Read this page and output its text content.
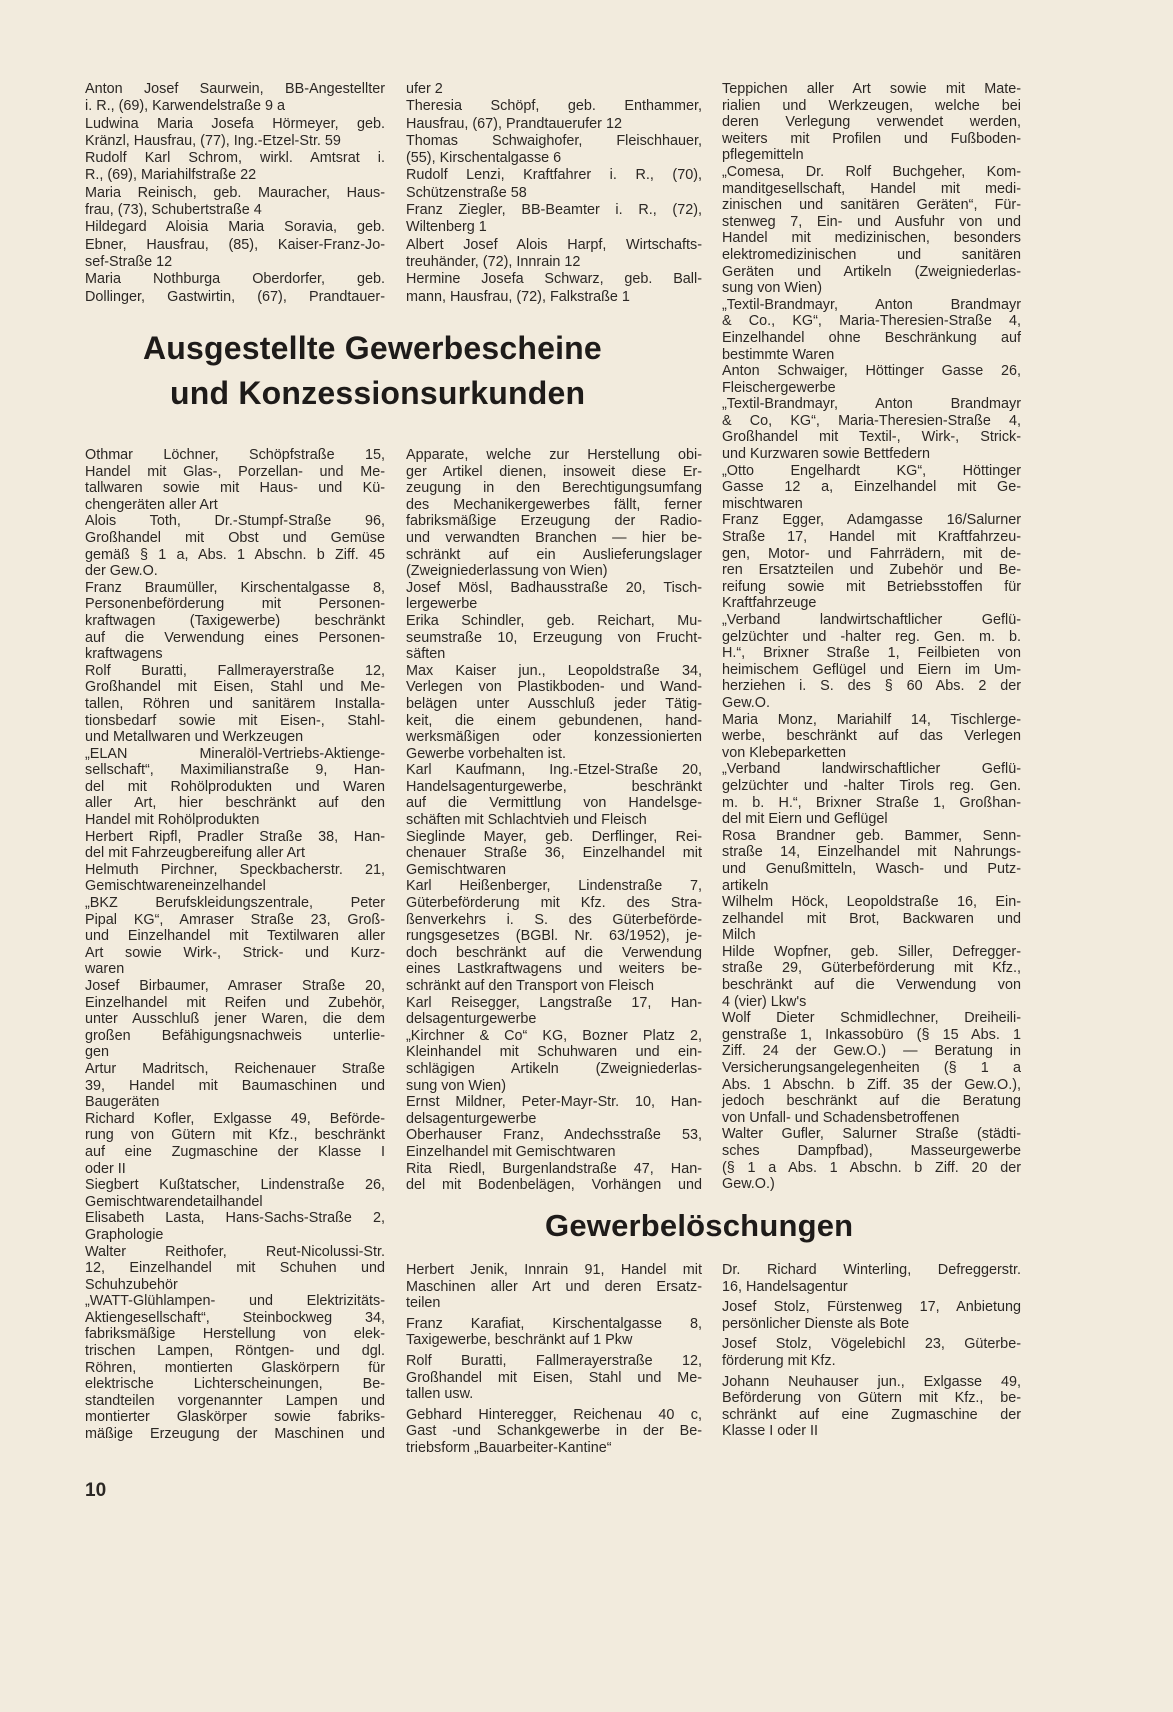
Anton Josef Saurwein, BB-Angestellter
i. R., (69), Karwendelstraße 9 a
Ludwina Maria Josefa Hörmeyer, geb.
Kränzl, Hausfrau, (77), Ing.-Etzel-Str. 59
Rudolf Karl Schrom, wirkl. Amtsrat i.
R., (69), Mariahilfstraße 22
Maria Reinisch, geb. Mauracher, Haus-
frau, (73), Schubertstraße 4
Hildegard Aloisia Maria Soravia, geb.
Ebner, Hausfrau, (85), Kaiser-Franz-Jo-
sef-Straße 12
Maria Nothburga Oberdorfer, geb.
Dollinger, Gastwirtin, (67), Prandtauer-
ufer 2
Theresia Schöpf, geb. Enthammer,
Hausfrau, (67), Prandtauerufer 12
Thomas Schwaighofer, Fleischhauer,
(55), Kirschentalgasse 6
Rudolf Lenzi, Kraftfahrer i. R., (70),
Schützenstraße 58
Franz Ziegler, BB-Beamter i. R., (72),
Wiltenberg 1
Albert Josef Alois Harpf, Wirtschafts-
treuhänder, (72), Innrain 12
Hermine Josefa Schwarz, geb. Ball-
mann, Hausfrau, (72), Falkstraße 1
Ausgestellte Gewerbescheine
und Konzessionsurkunden
Othmar Löchner, Schöpfstraße 15,
Handel mit Glas-, Porzellan- und Me-
tallwaren sowie mit Haus- und Kü-
chengeräten aller Art
Alois Toth, Dr.-Stumpf-Straße 96,
Großhandel mit Obst und Gemüse
gemäß § 1 a, Abs. 1 Abschn. b Ziff. 45
der Gew.O.
Franz Braumüller, Kirschentalgasse 8,
Personenbeförderung mit Personen-
kraftwagen (Taxigewerbe) beschränkt
auf die Verwendung eines Personen-
kraftwagens
Rolf Buratti, Fallmerayerstraße 12,
Großhandel mit Eisen, Stahl und Me-
tallen, Röhren und sanitärem Installa-
tionsbedarf sowie mit Eisen-, Stahl-
und Metallwaren und Werkzeugen
„ELAN Mineralöl-Vertriebs-Aktienge-
sellschaft“, Maximilianstraße 9, Han-
del mit Rohölprodukten und Waren
aller Art, hier beschränkt auf den
Handel mit Rohölprodukten
Herbert Ripfl, Pradler Straße 38, Han-
del mit Fahrzeugbereifung aller Art
Helmuth Pirchner, Speckbacherstr. 21,
Gemischtwareneinzelhandel
„BKZ Berufskleidungszentrale, Peter
Pipal KG“, Amraser Straße 23, Groß-
und Einzelhandel mit Textilwaren aller
Art sowie Wirk-, Strick- und Kurz-
waren
Josef Birbaumer, Amraser Straße 20,
Einzelhandel mit Reifen und Zubehör,
unter Ausschluß jener Waren, die dem
großen Befähigungsnachweis unterlie-
gen
Artur Madritsch, Reichenauer Straße
39, Handel mit Baumaschinen und
Baugeräten
Richard Kofler, Exlgasse 49, Beförde-
rung von Gütern mit Kfz., beschränkt
auf eine Zugmaschine der Klasse I
oder II
Siegbert Kußtatscher, Lindenstraße 26,
Gemischtwarendetailhandel
Elisabeth Lasta, Hans-Sachs-Straße 2,
Graphologie
Walter Reithofer, Reut-Nicolussi-Str.
12, Einzelhandel mit Schuhen und
Schuhzubehör
„WATT-Glühlampen- und Elektrizitäts-
Aktiengesellschaft“, Steinbockweg 34,
fabriksmäßige Herstellung von elek-
trischen Lampen, Röntgen- und dgl.
Röhren, montierten Glaskörpern für
elektrische Lichterscheinungen, Be-
standteilen vorgenannter Lampen und
montierter Glaskörper sowie fabriks-
mäßige Erzeugung der Maschinen und
Apparate, welche zur Herstellung obi-
ger Artikel dienen, insoweit diese Er-
zeugung in den Berechtigungsumfang
des Mechanikergewerbes fällt, ferner
fabriksmäßige Erzeugung der Radio-
und verwandten Branchen — hier be-
schränkt auf ein Auslieferungslager
(Zweigniederlassung von Wien)
Josef Mösl, Badhausstraße 20, Tisch-
lergewerbe
Erika Schindler, geb. Reichart, Mu-
seumstraße 10, Erzeugung von Frucht-
säften
Max Kaiser jun., Leopoldstraße 34,
Verlegen von Plastikboden- und Wand-
belägen unter Ausschluß jeder Tätig-
keit, die einem gebundenen, hand-
werksmäßigen oder konzessionierten
Gewerbe vorbehalten ist.
Karl Kaufmann, Ing.-Etzel-Straße 20,
Handelsagenturgewerbe, beschränkt
auf die Vermittlung von Handelsge-
schäften mit Schlachtvieh und Fleisch
Sieglinde Mayer, geb. Derflinger, Rei-
chenauer Straße 36, Einzelhandel mit
Gemischtwaren
Karl Heißenberger, Lindenstraße 7,
Güterbeförderung mit Kfz. des Stra-
ßenverkehrs i. S. des Güterbeförde-
rungsgesetzes (BGBl. Nr. 63/1952), je-
doch beschränkt auf die Verwendung
eines Lastkraftwagens und weiters be-
schränkt auf den Transport von Fleisch
Karl Reisegger, Langstraße 17, Han-
delsagenturgewerbe
„Kirchner & Co“ KG, Bozner Platz 2,
Kleinhandel mit Schuhwaren und ein-
schlägigen Artikeln (Zweigniederlas-
sung von Wien)
Ernst Mildner, Peter-Mayr-Str. 10, Han-
delsagenturgewerbe
Oberhauser Franz, Andechsstraße 53,
Einzelhandel mit Gemischtwaren
Rita Riedl, Burgenlandstraße 47, Han-
del mit Bodenbelägen, Vorhängen und
Teppichen aller Art sowie mit Mate-
rialien und Werkzeugen, welche bei
deren Verlegung verwendet werden,
weiters mit Profilen und Fußboden-
pflegemitteln
„Comesa, Dr. Rolf Buchgeher, Kom-
manditgesellschaft, Handel mit medi-
zinischen und sanitären Geräten“, Für-
stenweg 7, Ein- und Ausfuhr von und
Handel mit medizinischen, besonders
elektromedizinischen und sanitären
Geräten und Artikeln (Zweigniederlas-
sung von Wien)
„Textil-Brandmayr, Anton Brandmayr
& Co., KG“, Maria-Theresien-Straße 4,
Einzelhandel ohne Beschränkung auf
bestimmte Waren
Anton Schwaiger, Höttinger Gasse 26,
Fleischergewerbe
„Textil-Brandmayr, Anton Brandmayr
& Co, KG“, Maria-Theresien-Straße 4,
Großhandel mit Textil-, Wirk-, Strick-
und Kurzwaren sowie Bettfedern
„Otto Engelhardt KG“, Höttinger
Gasse 12 a, Einzelhandel mit Ge-
mischtwaren
Franz Egger, Adamgasse 16/Salurner
Straße 17, Handel mit Kraftfahrzeu-
gen, Motor- und Fahrrädern, mit de-
ren Ersatzteilen und Zubehör und Be-
reifung sowie mit Betriebsstoffen für
Kraftfahrzeuge
„Verband landwirtschaftlicher Geflü-
gelzüchter und -halter reg. Gen. m. b.
H.“, Brixner Straße 1, Feilbieten von
heimischem Geflügel und Eiern im Um-
herziehen i. S. des § 60 Abs. 2 der
Gew.O.
Maria Monz, Mariahilf 14, Tischlerge-
werbe, beschränkt auf das Verlegen
von Klebeparketten
„Verband landwirschaftlicher Geflü-
gelzüchter und -halter Tirols reg. Gen.
m. b. H.“, Brixner Straße 1, Großhan-
del mit Eiern und Geflügel
Rosa Brandner geb. Bammer, Senn-
straße 14, Einzelhandel mit Nahrungs-
und Genußmitteln, Wasch- und Putz-
artikeln
Wilhelm Höck, Leopoldstraße 16, Ein-
zelhandel mit Brot, Backwaren und
Milch
Hilde Wopfner, geb. Siller, Defregger-
straße 29, Güterbeförderung mit Kfz.,
beschränkt auf die Verwendung von
4 (vier) Lkw's
Wolf Dieter Schmidlechner, Dreiheili-
genstraße 1, Inkassobüro (§ 15 Abs. 1
Ziff. 24 der Gew.O.) — Beratung in
Versicherungsangelegenheiten (§ 1 a
Abs. 1 Abschn. b Ziff. 35 der Gew.O.),
jedoch beschränkt auf die Beratung
von Unfall- und Schadensbetroffenen
Walter Gufler, Salurner Straße (städti-
sches Dampfbad), Masseurgewerbe
(§ 1 a Abs. 1 Abschn. b Ziff. 20 der
Gew.O.)
Gewerbelöschungen
Herbert Jenik, Innrain 91, Handel mit
Maschinen aller Art und deren Ersatz-
teilen
Franz Karafiat, Kirschentalgasse 8,
Taxigewerbe, beschränkt auf 1 Pkw
Rolf Buratti, Fallmerayerstraße 12,
Großhandel mit Eisen, Stahl und Me-
tallen usw.
Gebhard Hinteregger, Reichenau 40 c,
Gast -und Schankgewerbe in der Be-
triebsform „Bauarbeiter-Kantine“
Dr. Richard Winterling, Defreggerstr.
16, Handelsagentur
Josef Stolz, Fürstenweg 17, Anbietung
persönlicher Dienste als Bote
Josef Stolz, Vögelebichl 23, Güterbe-
förderung mit Kfz.
Johann Neuhauser jun., Exlgasse 49,
Beförderung von Gütern mit Kfz., be-
schränkt auf eine Zugmaschine der
Klasse I oder II
10
